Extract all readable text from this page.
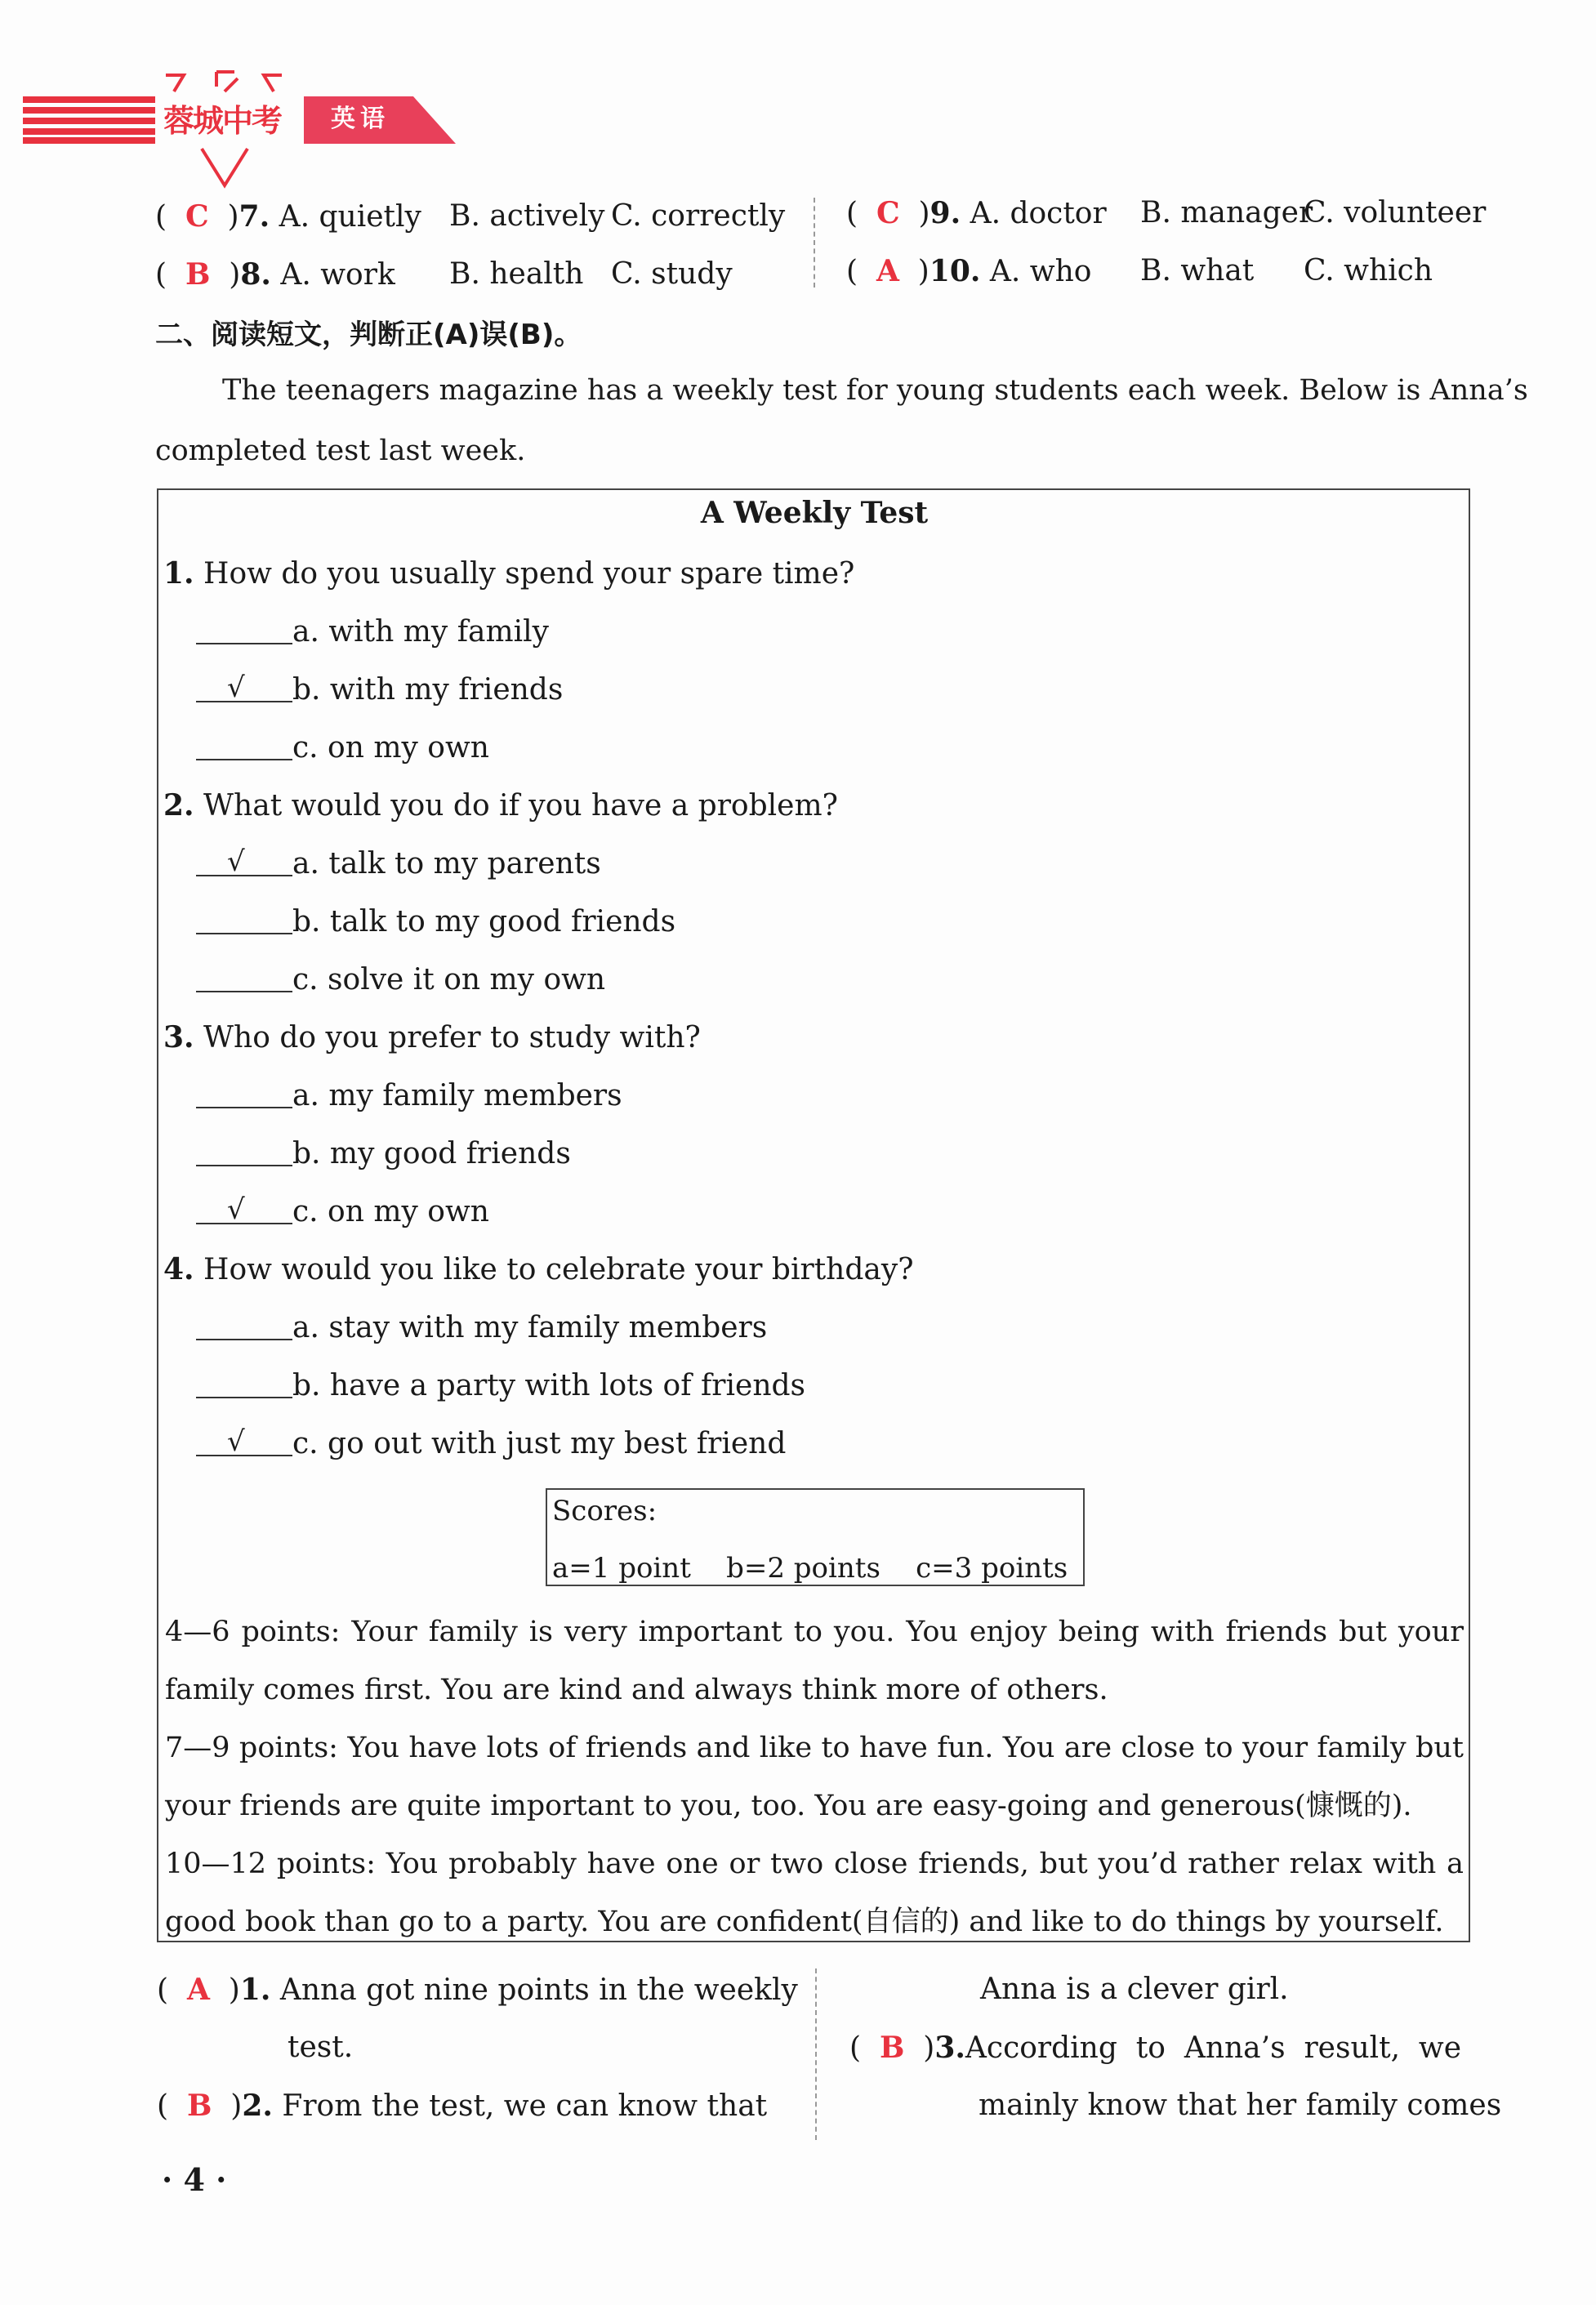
蓉城中考 英语
( C )7. A. quietly B. actively C. correctly
( B )8. A. work B. health C. study
( C )9. A. doctor B. manager
C. volunteer
( A )10. A. who B. what C. which
二、阅读短文，判断正(A)误(B)。
The teenagers magazine has a weekly test for young students each week. Below is Anna’s
completed test last week.
A Weekly Test
1. How do you usually spend your spare time?
a. with my family
√ b. with my friends
c. on my own
2. What would you do if you have a problem?
√ a. talk to my parents
b. talk to my good friends
c. solve it on my own
3. Who do you prefer to study with?
a. my family members
b. my good friends
√ c. on my own
4. How would you like to celebrate your birthday?
a. stay with my family members
b. have a party with lots of friends
√ c. go out with just my best friend
Scores:
a=1 point    b=2 points    c=3 points
4—6 points: Your family is very important to you. You enjoy being with friends but your
family comes first. You are kind and always think more of others.
7—9 points: You have lots of friends and like to have fun. You are close to your family but
your friends are quite important to you, too. You are easy-going and generous(慷慨的).
10—12 points: You probably have one or two close friends, but you’d rather relax with a
good book than go to a party. You are confident(自信的) and like to do things by yourself.
( A )1. Anna got nine points in the weekly
test.
( B )2. From the test, we can know that
Anna is a clever girl.
( B )3.According  to  Anna’s  result,  we
mainly know that her family comes
· 4 ·
